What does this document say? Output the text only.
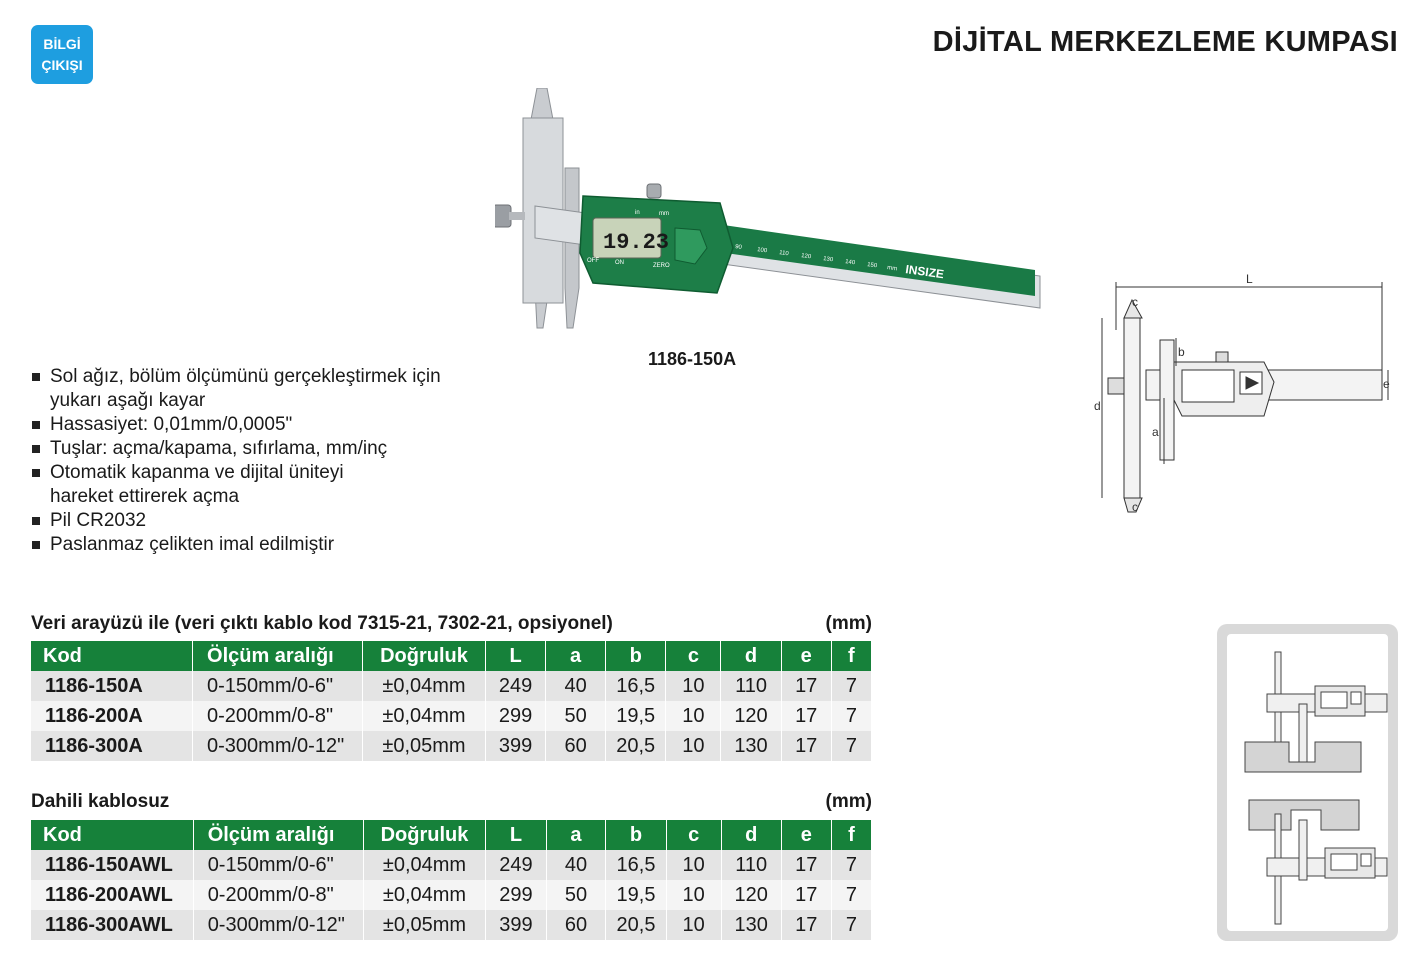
BİLGİ
ÇIKIŞI
DİJİTAL MERKEZLEME KUMPASI
INSIZE
90 100 110 120 130 140 150 mm
19.23
in	mm
OFF	ON	ZERO
1186-150A
L
c
c
d
a
b
e
Sol ağız, bölüm ölçümünü gerçekleştirmek için
yukarı aşağı kayar
Hassasiyet: 0,01mm/0,0005"
Tuşlar: açma/kapama, sıfırlama, mm/inç
Otomatik kapanma ve dijital üniteyi
hareket ettirerek açma
Pil CR2032
Paslanmaz çelikten imal edilmiştir
Veri arayüzü ile (veri çıktı kablo kod 7315-21, 7302-21, opsiyonel)	(mm)
Kod	Ölçüm aralığı	Doğruluk	L	a	b	c	d	e	f
1186-150A	0-150mm/0-6"	±0,04mm	249	40	16,5	10	110	17	7
1186-200A	0-200mm/0-8"	±0,04mm	299	50	19,5	10	120	17	7
1186-300A	0-300mm/0-12"	±0,05mm	399	60	20,5	10	130	17	7
Dahili kablosuz	(mm)
Kod	Ölçüm aralığı	Doğruluk	L	a	b	c	d	e	f
1186-150AWL	0-150mm/0-6"	±0,04mm	249	40	16,5	10	110	17	7
1186-200AWL	0-200mm/0-8"	±0,04mm	299	50	19,5	10	120	17	7
1186-300AWL	0-300mm/0-12"	±0,05mm	399	60	20,5	10	130	17	7
